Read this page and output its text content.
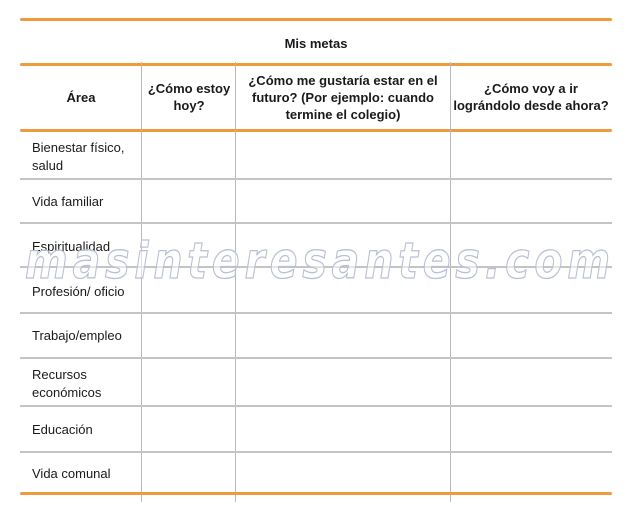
Mis metas
Área
¿Cómo estoy hoy?
¿Cómo me gustaría estar en el futuro? (Por ejemplo: cuando termine el colegio)
¿Cómo voy a ir lográndolo desde ahora?
Bienestar físico, salud
Vida familiar
Espiritualidad
Profesión/ oficio
Trabajo/empleo
Recursos económicos
Educación
Vida comunal
masinteresantes.com
